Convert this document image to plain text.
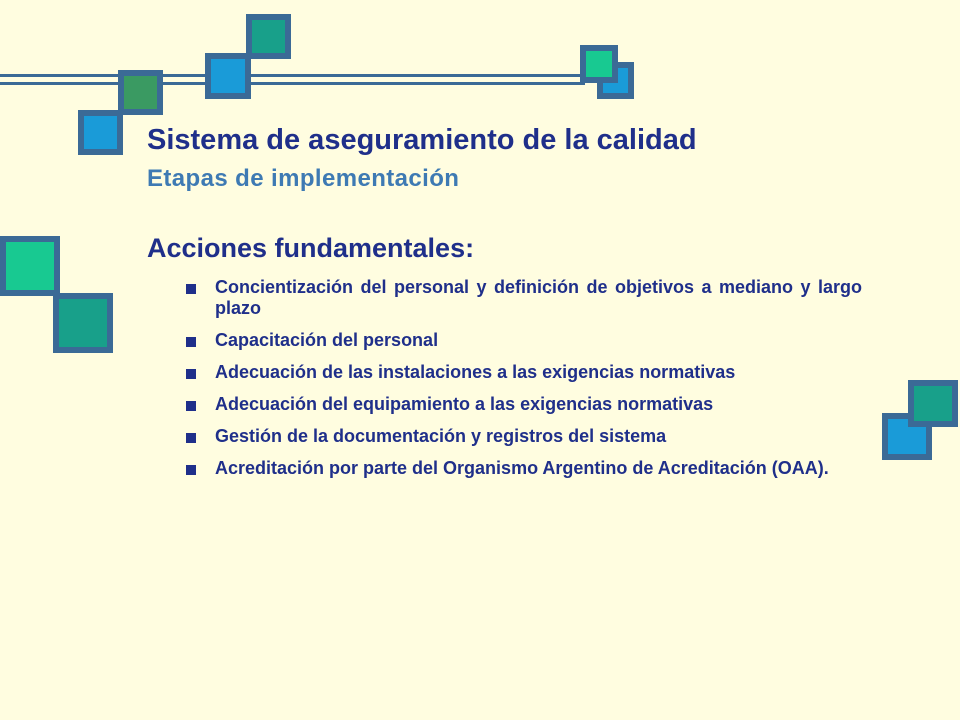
Sistema de aseguramiento de la calidad
Etapas de implementación
Acciones fundamentales:
Concientización del personal y definición de objetivos a mediano y largo plazo
Capacitación del personal
Adecuación de las instalaciones a las exigencias normativas
Adecuación del equipamiento a las exigencias normativas
Gestión de la documentación y registros del sistema
Acreditación por parte del Organismo Argentino de Acreditación (OAA).
